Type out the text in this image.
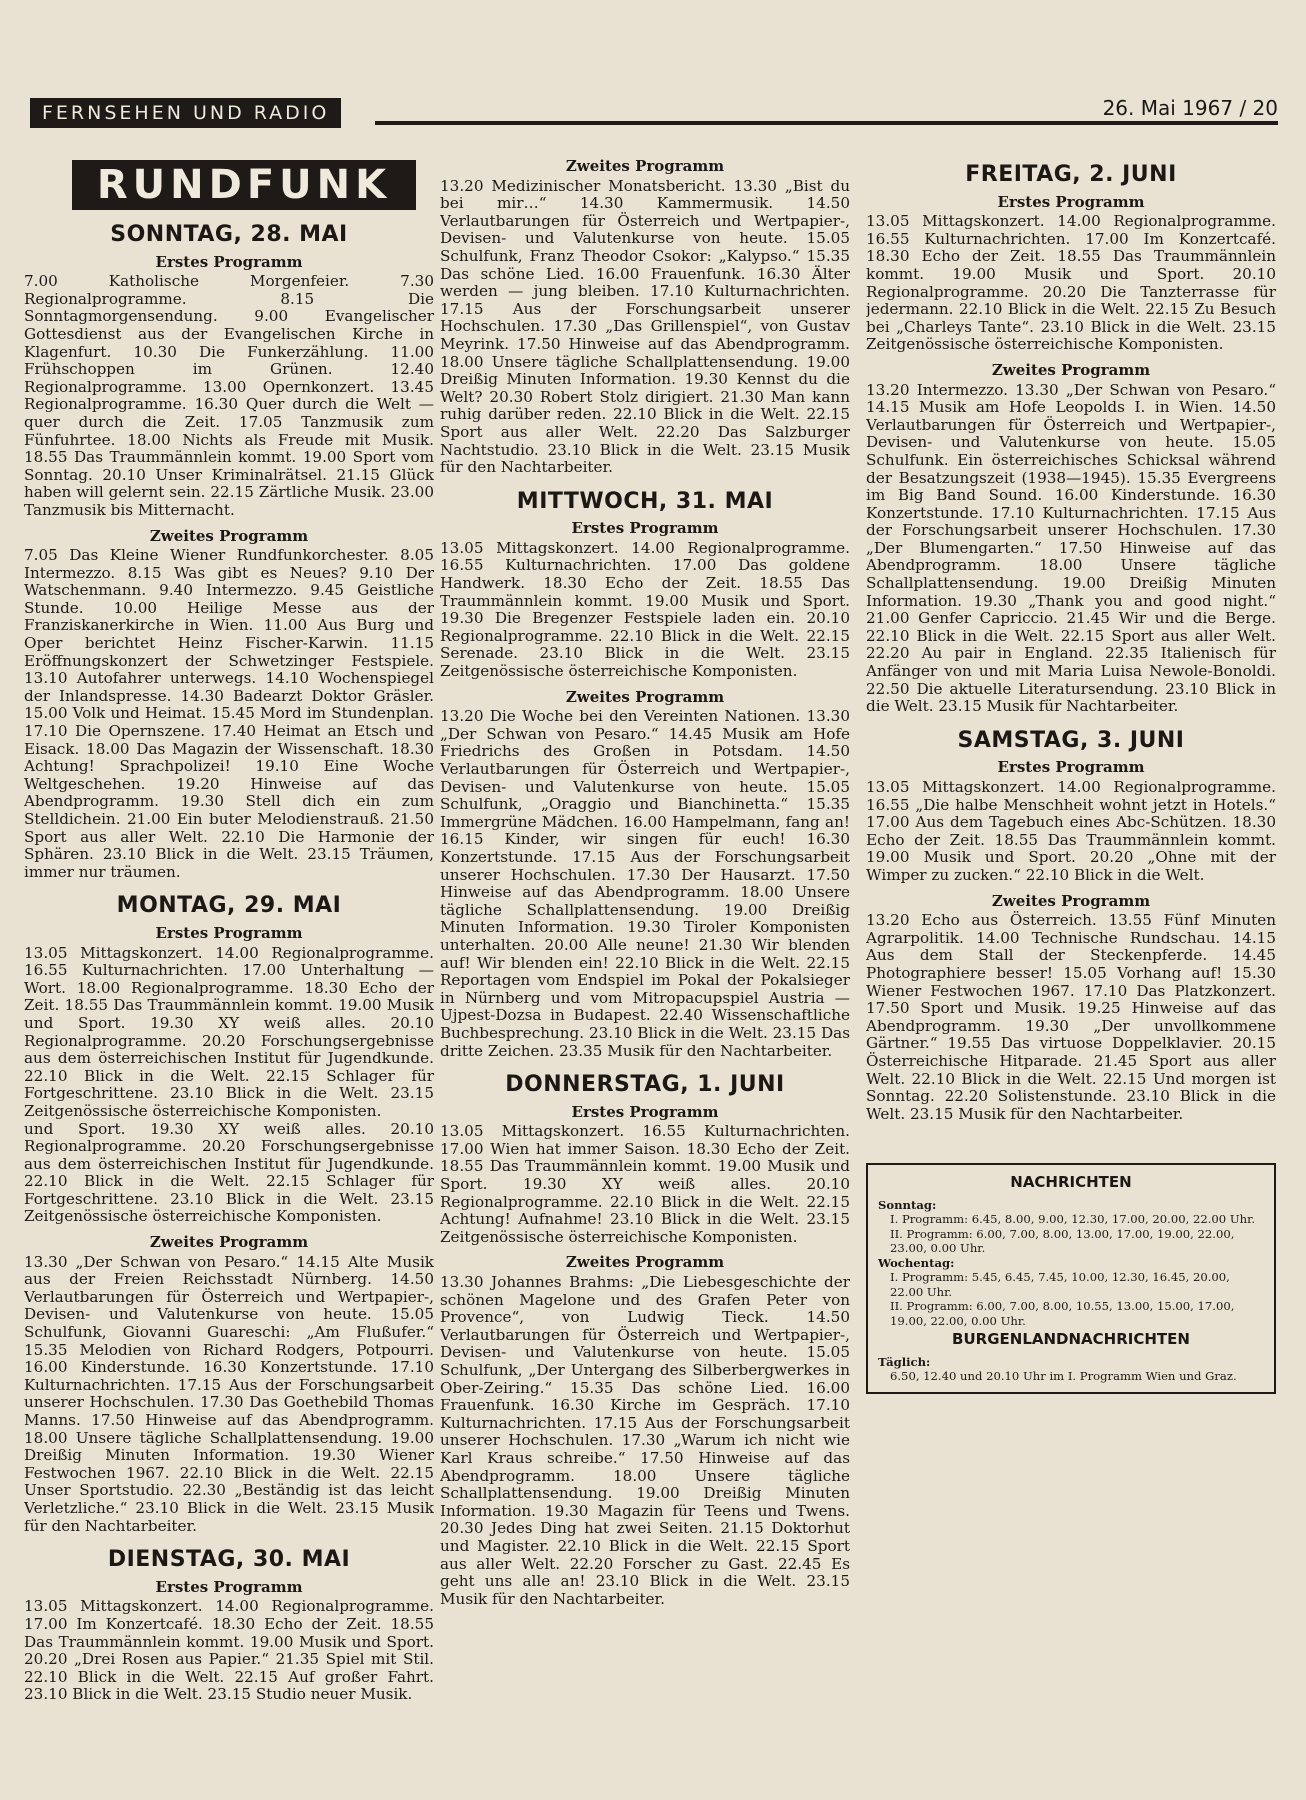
FERNSEHEN UND RADIO	26. Mai 1967 / 20
RUNDFUNK
SONNTAG, 28. MAI
Erstes Programm

7.00 Katholische Morgenfeier. 7.30 Regionalprogramme. 8.15 Die Sonntagmorgensendung. 9.00 Evangelischer Gottesdienst aus der Evangelischen Kirche in Klagenfurt. 10.30 Die Funkerzählung. 11.00 Frühschoppen im Grünen. 12.40 Regionalprogramme. 13.00 Opernkonzert. 13.45 Regionalprogramme. 16.30 Quer durch die Welt — quer durch die Zeit. 17.05 Tanzmusik zum Fünfuhrtee. 18.00 Nichts als Freude mit Musik. 18.55 Das Traummännlein kommt. 19.00 Sport vom Sonntag. 20.10 Unser Kriminalrätsel. 21.15 Glück haben will gelernt sein. 22.15 Zärtliche Musik. 23.00 Tanzmusik bis Mitternacht.

Zweites Programm

7.05 Das Kleine Wiener Rundfunkorchester. 8.05 Intermezzo. 8.15 Was gibt es Neues? 9.10 Der Watschenmann. 9.40 Intermezzo. 9.45 Geistliche Stunde. 10.00 Heilige Messe aus der Franziskanerkirche in Wien. 11.00 Aus Burg und Oper berichtet Heinz Fischer-Karwin. 11.15 Eröffnungskonzert der Schwetzinger Festspiele. 13.10 Autofahrer unterwegs. 14.10 Wochenspiegel der Inlandspresse. 14.30 Badearzt Doktor Gräsler. 15.00 Volk und Heimat. 15.45 Mord im Stundenplan. 17.10 Die Opernszene. 17.40 Heimat an Etsch und Eisack. 18.00 Das Magazin der Wissenschaft. 18.30 Achtung! Sprachpolizei! 19.10 Eine Woche Weltgeschehen. 19.20 Hinweise auf das Abendprogramm. 19.30 Stell dich ein zum Stelldichein. 21.00 Ein buter Melodienstrauß. 21.50 Sport aus aller Welt. 22.10 Die Harmonie der Sphären. 23.10 Blick in die Welt. 23.15 Träumen, immer nur träumen.

MONTAG, 29. MAI
Erstes Programm

13.05 Mittagskonzert. 14.00 Regionalprogramme. 16.55 Kulturnachrichten. 17.00 Unterhaltung — Wort. 18.00 Regionalprogramme. 18.30 Echo der Zeit. 18.55 Das Traummännlein kommt. 19.00 Musik und Sport. 19.30 XY weiß alles. 20.10 Regionalprogramme. 20.20 Forschungsergebnisse aus dem österreichischen Institut für Jugendkunde. 22.10 Blick in die Welt. 22.15 Schlager für Fortgeschrittene. 23.10 Blick in die Welt. 23.15 Zeitgenössische österreichische Komponisten.

und Sport. 19.30 XY weiß alles. 20.10 Regionalprogramme. 20.20 Forschungsergebnisse aus dem österreichischen Institut für Jugendkunde. 22.10 Blick in die Welt. 22.15 Schlager für Fortgeschrittene. 23.10 Blick in die Welt. 23.15 Zeitgenössische österreichische Komponisten.

Zweites Programm

13.30 „Der Schwan von Pesaro.“ 14.15 Alte Musik aus der Freien Reichsstadt Nürnberg. 14.50 Verlautbarungen für Österreich und Wertpapier-, Devisen- und Valutenkurse von heute. 15.05 Schulfunk, Giovanni Guareschi: „Am Flußufer.“ 15.35 Melodien von Richard Rodgers, Potpourri. 16.00 Kinderstunde. 16.30 Konzertstunde. 17.10 Kulturnachrichten. 17.15 Aus der Forschungsarbeit unserer Hochschulen. 17.30 Das Goethebild Thomas Manns. 17.50 Hinweise auf das Abendprogramm. 18.00 Unsere tägliche Schallplattensendung. 19.00 Dreißig Minuten Information. 19.30 Wiener Festwochen 1967. 22.10 Blick in die Welt. 22.15 Unser Sportstudio. 22.30 „Beständig ist das leicht Verletzliche.“ 23.10 Blick in die Welt. 23.15 Musik für den Nachtarbeiter.

DIENSTAG, 30. MAI
Erstes Programm

13.05 Mittagskonzert. 14.00 Regionalprogramme. 17.00 Im Konzertcafé. 18.30 Echo der Zeit. 18.55 Das Traummännlein kommt. 19.00 Musik und Sport. 20.20 „Drei Rosen aus Papier.“ 21.35 Spiel mit Stil. 22.10 Blick in die Welt. 22.15 Auf großer Fahrt. 23.10 Blick in die Welt. 23.15 Studio neuer Musik.

Zweites Programm

13.20 Medizinischer Monatsbericht. 13.30 „Bist du bei mir…“ 14.30 Kammermusik. 14.50 Verlautbarungen für Österreich und Wertpapier-, Devisen- und Valutenkurse von heute. 15.05 Schulfunk, Franz Theodor Csokor: „Kalypso.“ 15.35 Das schöne Lied. 16.00 Frauenfunk. 16.30 Älter werden — jung bleiben. 17.10 Kulturnachrichten. 17.15 Aus der Forschungsarbeit unserer Hochschulen. 17.30 „Das Grillenspiel“, von Gustav Meyrink. 17.50 Hinweise auf das Abendprogramm. 18.00 Unsere tägliche Schallplattensendung. 19.00 Dreißig Minuten Information. 19.30 Kennst du die Welt? 20.30 Robert Stolz dirigiert. 21.30 Man kann ruhig darüber reden. 22.10 Blick in die Welt. 22.15 Sport aus aller Welt. 22.20 Das Salzburger Nachtstudio. 23.10 Blick in die Welt. 23.15 Musik für den Nachtarbeiter.

MITTWOCH, 31. MAI
Erstes Programm

13.05 Mittagskonzert. 14.00 Regionalprogramme. 16.55 Kulturnachrichten. 17.00 Das goldene Handwerk. 18.30 Echo der Zeit. 18.55 Das Traummännlein kommt. 19.00 Musik und Sport. 19.30 Die Bregenzer Festspiele laden ein. 20.10 Regionalprogramme. 22.10 Blick in die Welt. 22.15 Serenade. 23.10 Blick in die Welt. 23.15 Zeitgenössische österreichische Komponisten.

Zweites Programm

13.20 Die Woche bei den Vereinten Nationen. 13.30 „Der Schwan von Pesaro.“ 14.45 Musik am Hofe Friedrichs des Großen in Potsdam. 14.50 Verlautbarungen für Österreich und Wertpapier-, Devisen- und Valutenkurse von heute. 15.05 Schulfunk, „Oraggio und Bianchinetta.“ 15.35 Immergrüne Mädchen. 16.00 Hampelmann, fang an! 16.15 Kinder, wir singen für euch! 16.30 Konzertstunde. 17.15 Aus der Forschungsarbeit unserer Hochschulen. 17.30 Der Hausarzt. 17.50 Hinweise auf das Abendprogramm. 18.00 Unsere tägliche Schallplattensendung. 19.00 Dreißig Minuten Information. 19.30 Tiroler Komponisten unterhalten. 20.00 Alle neune! 21.30 Wir blenden auf! Wir blenden ein! 22.10 Blick in die Welt. 22.15 Reportagen vom Endspiel im Pokal der Pokalsieger in Nürnberg und vom Mitropacupspiel Austria — Ujpest-Dozsa in Budapest. 22.40 Wissenschaftliche Buchbesprechung. 23.10 Blick in die Welt. 23.15 Das dritte Zeichen. 23.35 Musik für den Nachtarbeiter.

DONNERSTAG, 1. JUNI
Erstes Programm

13.05 Mittagskonzert. 16.55 Kulturnachrichten. 17.00 Wien hat immer Saison. 18.30 Echo der Zeit. 18.55 Das Traummännlein kommt. 19.00 Musik und Sport. 19.30 XY weiß alles. 20.10 Regionalprogramme. 22.10 Blick in die Welt. 22.15 Achtung! Aufnahme! 23.10 Blick in die Welt. 23.15 Zeitgenössische österreichische Komponisten.

Zweites Programm

13.30 Johannes Brahms: „Die Liebesgeschichte der schönen Magelone und des Grafen Peter von Provence“, von Ludwig Tieck. 14.50 Verlautbarungen für Österreich und Wertpapier-, Devisen- und Valutenkurse von heute. 15.05 Schulfunk, „Der Untergang des Silberbergwerkes in Ober-Zeiring.“ 15.35 Das schöne Lied. 16.00 Frauenfunk. 16.30 Kirche im Gespräch. 17.10 Kulturnachrichten. 17.15 Aus der Forschungsarbeit unserer Hochschulen. 17.30 „Warum ich nicht wie Karl Kraus schreibe.“ 17.50 Hinweise auf das Abendprogramm. 18.00 Unsere tägliche Schallplattensendung. 19.00 Dreißig Minuten Information. 19.30 Magazin für Teens und Twens. 20.30 Jedes Ding hat zwei Seiten. 21.15 Doktorhut und Magister. 22.10 Blick in die Welt. 22.15 Sport aus aller Welt. 22.20 Forscher zu Gast. 22.45 Es geht uns alle an! 23.10 Blick in die Welt. 23.15 Musik für den Nachtarbeiter.

FREITAG, 2. JUNI
Erstes Programm

13.05 Mittagskonzert. 14.00 Regionalprogramme. 16.55 Kulturnachrichten. 17.00 Im Konzertcafé. 18.30 Echo der Zeit. 18.55 Das Traummännlein kommt. 19.00 Musik und Sport. 20.10 Regionalprogramme. 20.20 Die Tanzterrasse für jedermann. 22.10 Blick in die Welt. 22.15 Zu Besuch bei „Charleys Tante“. 23.10 Blick in die Welt. 23.15 Zeitgenössische österreichische Komponisten.

Zweites Programm

13.20 Intermezzo. 13.30 „Der Schwan von Pesaro.“ 14.15 Musik am Hofe Leopolds I. in Wien. 14.50 Verlautbarungen für Österreich und Wertpapier-, Devisen- und Valutenkurse von heute. 15.05 Schulfunk. Ein österreichisches Schicksal während der Besatzungszeit (1938—1945). 15.35 Evergreens im Big Band Sound. 16.00 Kinderstunde. 16.30 Konzertstunde. 17.10 Kulturnachrichten. 17.15 Aus der Forschungsarbeit unserer Hochschulen. 17.30 „Der Blumengarten.“ 17.50 Hinweise auf das Abendprogramm. 18.00 Unsere tägliche Schallplattensendung. 19.00 Dreißig Minuten Information. 19.30 „Thank you and good night.“ 21.00 Genfer Capriccio. 21.45 Wir und die Berge. 22.10 Blick in die Welt. 22.15 Sport aus aller Welt. 22.20 Au pair in England. 22.35 Italienisch für Anfänger von und mit Maria Luisa Newole-Bonoldi. 22.50 Die aktuelle Literatursendung. 23.10 Blick in die Welt. 23.15 Musik für Nachtarbeiter.

SAMSTAG, 3. JUNI
Erstes Programm

13.05 Mittagskonzert. 14.00 Regionalprogramme. 16.55 „Die halbe Menschheit wohnt jetzt in Hotels.“ 17.00 Aus dem Tagebuch eines Abc-Schützen. 18.30 Echo der Zeit. 18.55 Das Traummännlein kommt. 19.00 Musik und Sport. 20.20 „Ohne mit der Wimper zu zucken.“ 22.10 Blick in die Welt.

Zweites Programm

13.20 Echo aus Österreich. 13.55 Fünf Minuten Agrarpolitik. 14.00 Technische Rundschau. 14.15 Aus dem Stall der Steckenpferde. 14.45 Photographiere besser! 15.05 Vorhang auf! 15.30 Wiener Festwochen 1967. 17.10 Das Platzkonzert. 17.50 Sport und Musik. 19.25 Hinweise auf das Abendprogramm. 19.30 „Der unvollkommene Gärtner.“ 19.55 Das virtuose Doppelklavier. 20.15 Österreichische Hitparade. 21.45 Sport aus aller Welt. 22.10 Blick in die Welt. 22.15 Und morgen ist Sonntag. 22.20 Solistenstunde. 23.10 Blick in die Welt. 23.15 Musik für den Nachtarbeiter.

NACHRICHTEN
Sonntag:
I. Programm: 6.45, 8.00, 9.00, 12.30, 17.00, 20.00, 22.00 Uhr.
II. Programm: 6.00, 7.00, 8.00, 13.00, 17.00, 19.00, 22.00, 23.00, 0.00 Uhr.
Wochentag:
I. Programm: 5.45, 6.45, 7.45, 10.00, 12.30, 16.45, 20.00, 22.00 Uhr.
II. Programm: 6.00, 7.00, 8.00, 10.55, 13.00, 15.00, 17.00, 19.00, 22.00, 0.00 Uhr.
BURGENLANDNACHRICHTEN
Täglich:
6.50, 12.40 und 20.10 Uhr im I. Programm Wien und Graz.
